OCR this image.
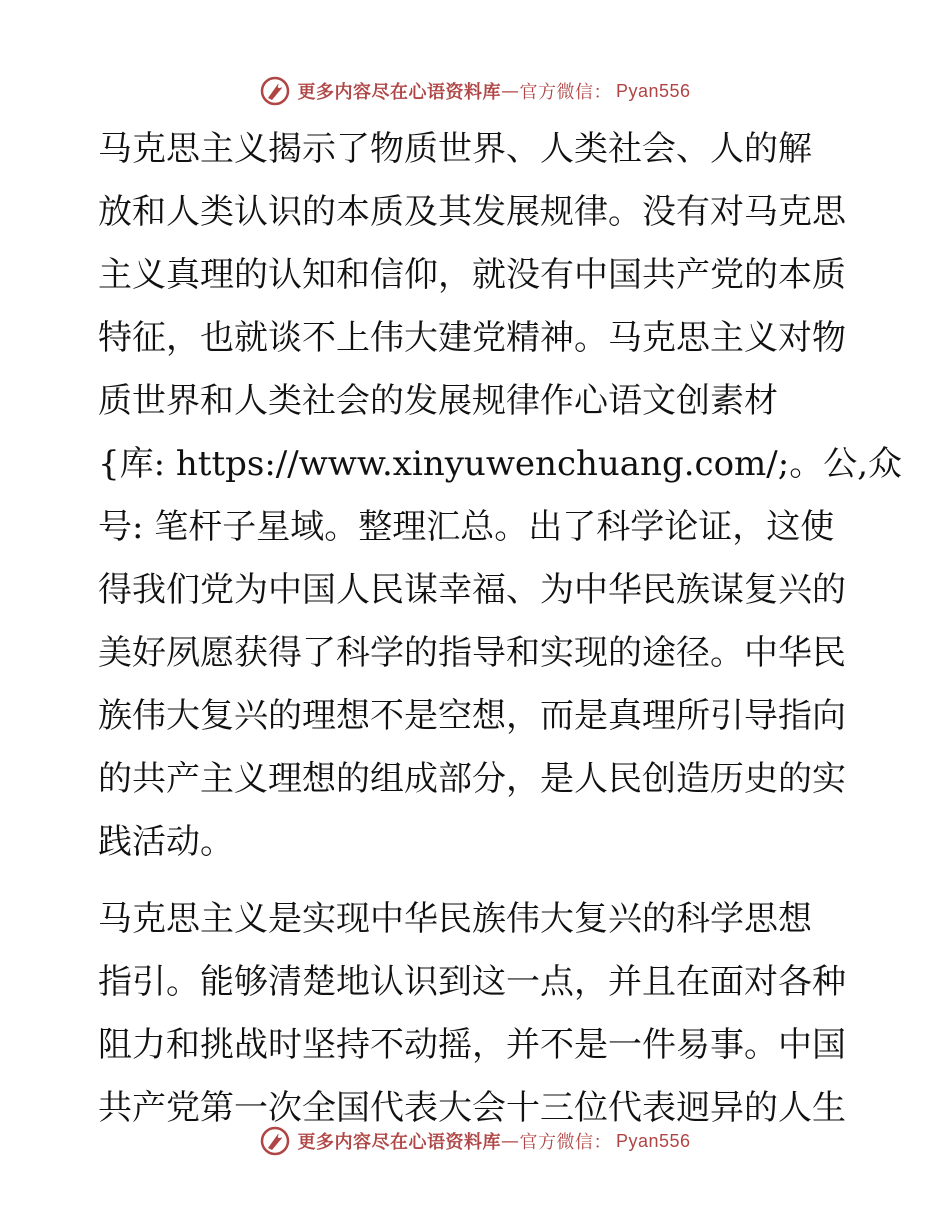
更多内容尽在心语资料库 — 官方微信： Pyan556
马克思主义揭示了物质世界、人类社会、人的解
放和人类认识的本质及其发展规律。没有对马克思
主义真理的认知和信仰，就没有中国共产党的本质
特征，也就谈不上伟大建党精神。马克思主义对物
质世界和人类社会的发展规律作心语文创素材
{库: https://www.xinyuwenchuang.com/;。公,众
号: 笔杆子星域。整理汇总。出了科学论证，这使
得我们党为中国人民谋幸福、为中华民族谋复兴的
美好夙愿获得了科学的指导和实现的途径。中华民
族伟大复兴的理想不是空想，而是真理所引导指向
的共产主义理想的组成部分，是人民创造历史的实
践活动。
马克思主义是实现中华民族伟大复兴的科学思想
指引。能够清楚地认识到这一点，并且在面对各种
阻力和挑战时坚持不动摇，并不是一件易事。中国
共产党第一次全国代表大会十三位代表迥异的人生
更多内容尽在心语资料库 — 官方微信： Pyan556
